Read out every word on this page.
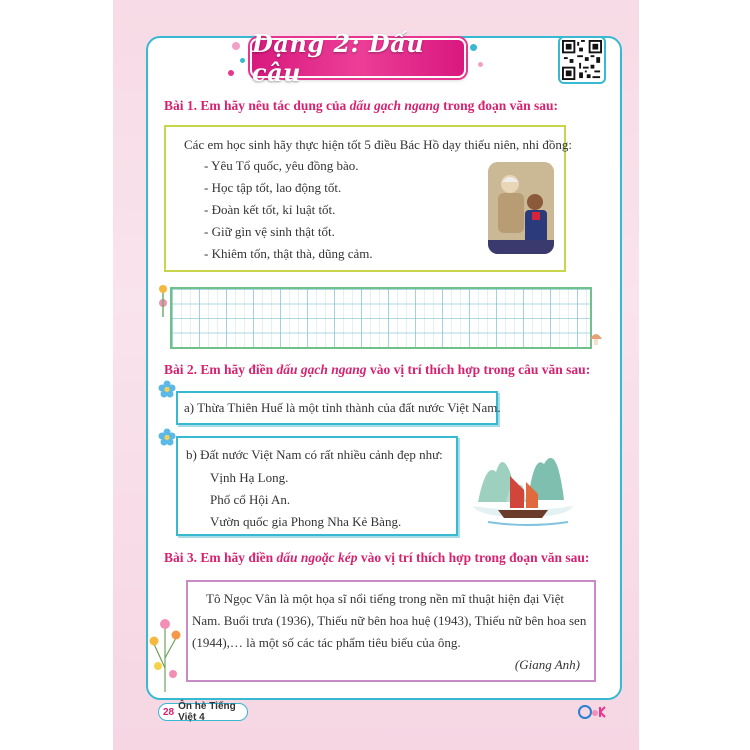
Dạng 2: Dấu câu
Bài 1. Em hãy nêu tác dụng của dấu gạch ngang trong đoạn văn sau:
Các em học sinh hãy thực hiện tốt 5 điều Bác Hồ dạy thiếu niên, nhi đồng:
- Yêu Tổ quốc, yêu đồng bào.
- Học tập tốt, lao động tốt.
- Đoàn kết tốt, kỉ luật tốt.
- Giữ gìn vệ sinh thật tốt.
- Khiêm tốn, thật thà, dũng cảm.
Bài 2. Em hãy điền dấu gạch ngang vào vị trí thích hợp trong câu văn sau:
a) Thừa Thiên Huế là một tỉnh thành của đất nước Việt Nam.
b) Đất nước Việt Nam có rất nhiều cảnh đẹp như:
Vịnh Hạ Long.
Phố cổ Hội An.
Vườn quốc gia Phong Nha Kẻ Bàng.
Bài 3. Em hãy điền dấu ngoặc kép vào vị trí thích hợp trong đoạn văn sau:
Tô Ngọc Vân là một họa sĩ nổi tiếng trong nền mĩ thuật hiện đại Việt
Nam. Buổi trưa (1936), Thiếu nữ bên hoa huệ (1943), Thiếu nữ bên hoa sen
(1944),… là một số các tác phẩm tiêu biểu của ông.
(Giang Anh)
28 Ôn hè Tiếng Việt 4
